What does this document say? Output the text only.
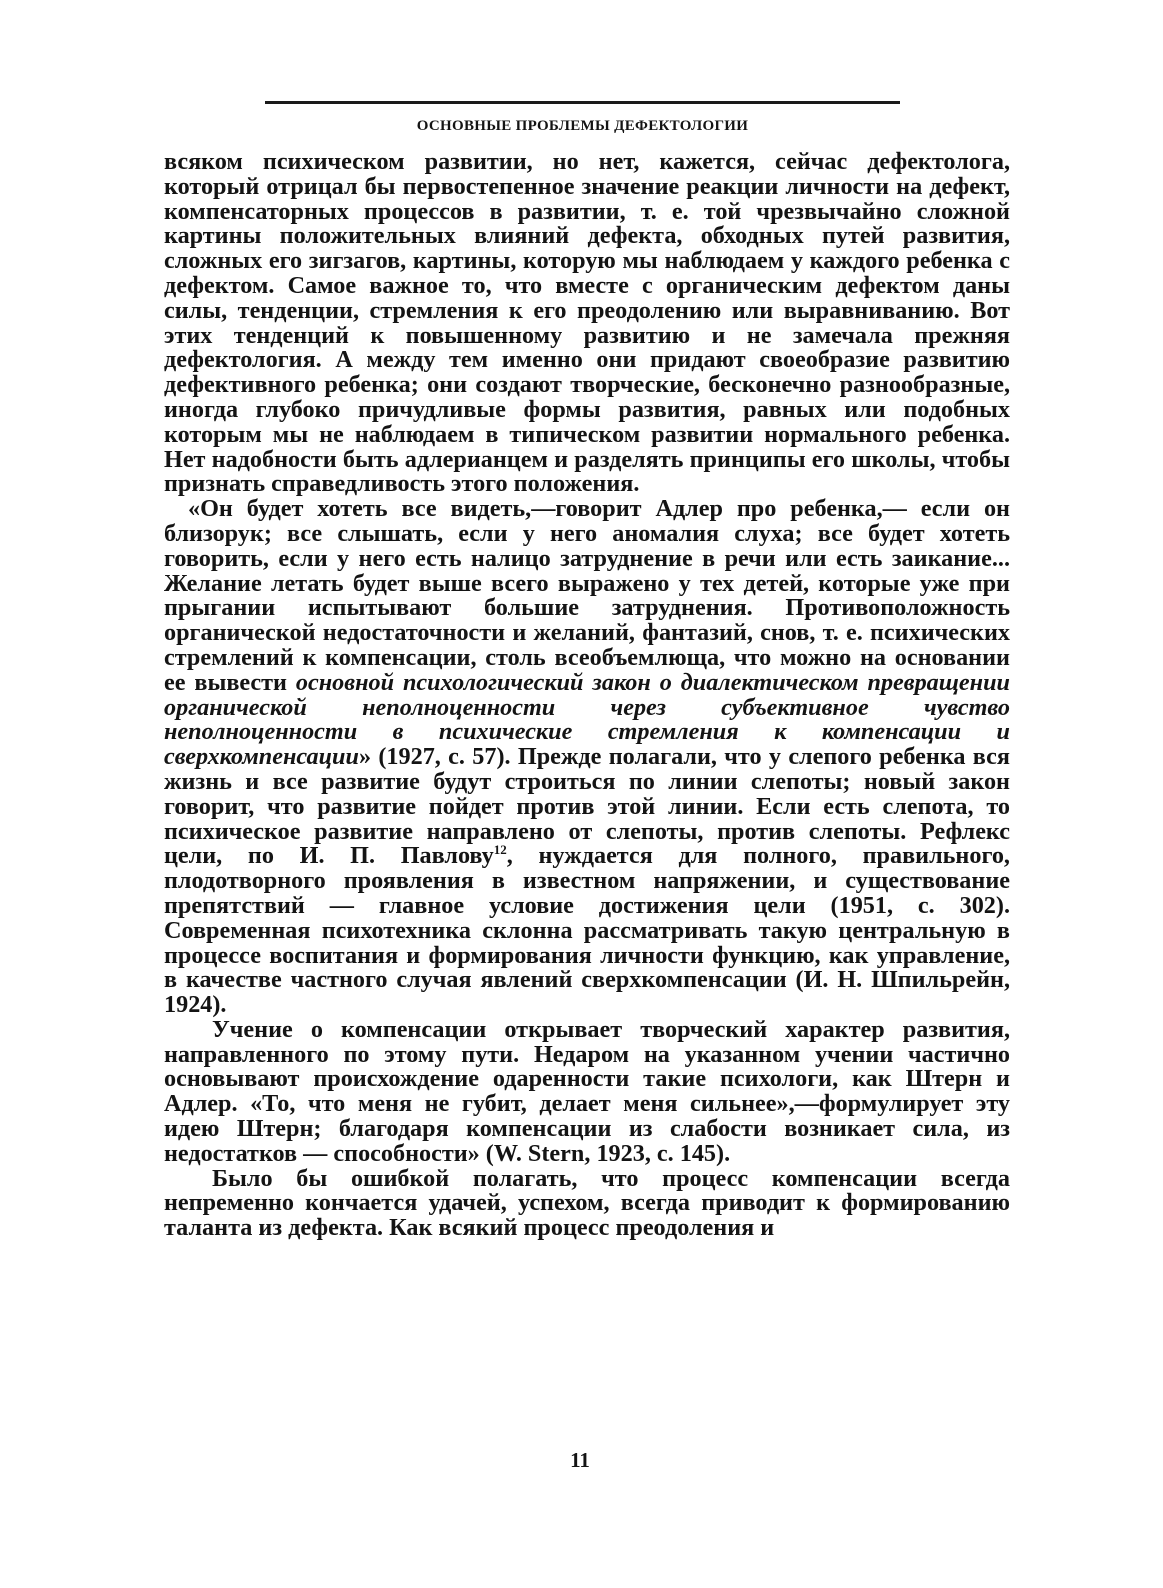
ОСНОВНЫЕ ПРОБЛЕМЫ ДЕФЕКТОЛОГИИ

всяком психическом развитии, но нет, кажется, сейчас дефектолога, который отрицал бы первостепенное значение реакции личности на дефект, компенсаторных процессов в развитии, т. е. той чрезвычайно сложной картины положительных влияний дефекта, обходных путей развития, сложных его зигзагов, картины, которую мы наблюдаем у каждого ребенка с дефектом. Самое важное то, что вместе с органическим дефектом даны силы, тенденции, стремления к его преодолению или выравниванию. Вот этих тенденций к повышенному развитию и не замечала прежняя дефектология. А между тем именно они придают своеобразие развитию дефективного ребенка; они создают творческие, бесконечно разнообразные, иногда глубоко причудливые формы развития, равных или подобных которым мы не наблюдаем в типическом развитии нормального ребенка. Нет надобности быть адлерианцем и разделять принципы его школы, чтобы признать справедливость этого положения.

«Он будет хотеть все видеть,—говорит Адлер про ребенка,— если он близорук; все слышать, если у него аномалия слуха; все будет хотеть говорить, если у него есть налицо затруднение в речи или есть заикание... Желание летать будет выше всего выражено у тех детей, которые уже при прыгании испытывают большие затруднения. Противоположность органической недостаточности и желаний, фантазий, снов, т. е. психических стремлений к компенсации, столь всеобъемлюща, что можно на основании ее вывести основной психологический закон о диалектическом превращении органической неполноценности через субъективное чувство неполноценности в психические стремления к компенсации и сверхкомпенсации» (1927, с. 57). Прежде полагали, что у слепого ребенка вся жизнь и все развитие будут строиться по линии слепоты; новый закон говорит, что развитие пойдет против этой линии. Если есть слепота, то психическое развитие направлено от слепоты, против слепоты. Рефлекс цели, по И. П. Павлову$^{12}$, нуждается для полного, правильного, плодотворного проявления в известном напряжении, и существование препятствий — главное условие достижения цели (1951, с. 302). Современная психотехника склонна рассматривать такую центральную в процессе воспитания и формирования личности функцию, как управление, в качестве частного случая явлений сверхкомпенсации (И. Н. Шпильрейн, 1924).

Учение о компенсации открывает творческий характер развития, направленного по этому пути. Недаром на указанном учении частично основывают происхождение одаренности такие психологи, как Штерн и Адлер. «То, что меня не губит, делает меня сильнее»,—формулирует эту идею Штерн; благодаря компенсации из слабости возникает сила, из недостатков — способности» (W. Stern, 1923, с. 145).

Было бы ошибкой полагать, что процесс компенсации всегда непременно кончается удачей, успехом, всегда приводит к формированию таланта из дефекта. Как всякий процесс преодоления и

11
